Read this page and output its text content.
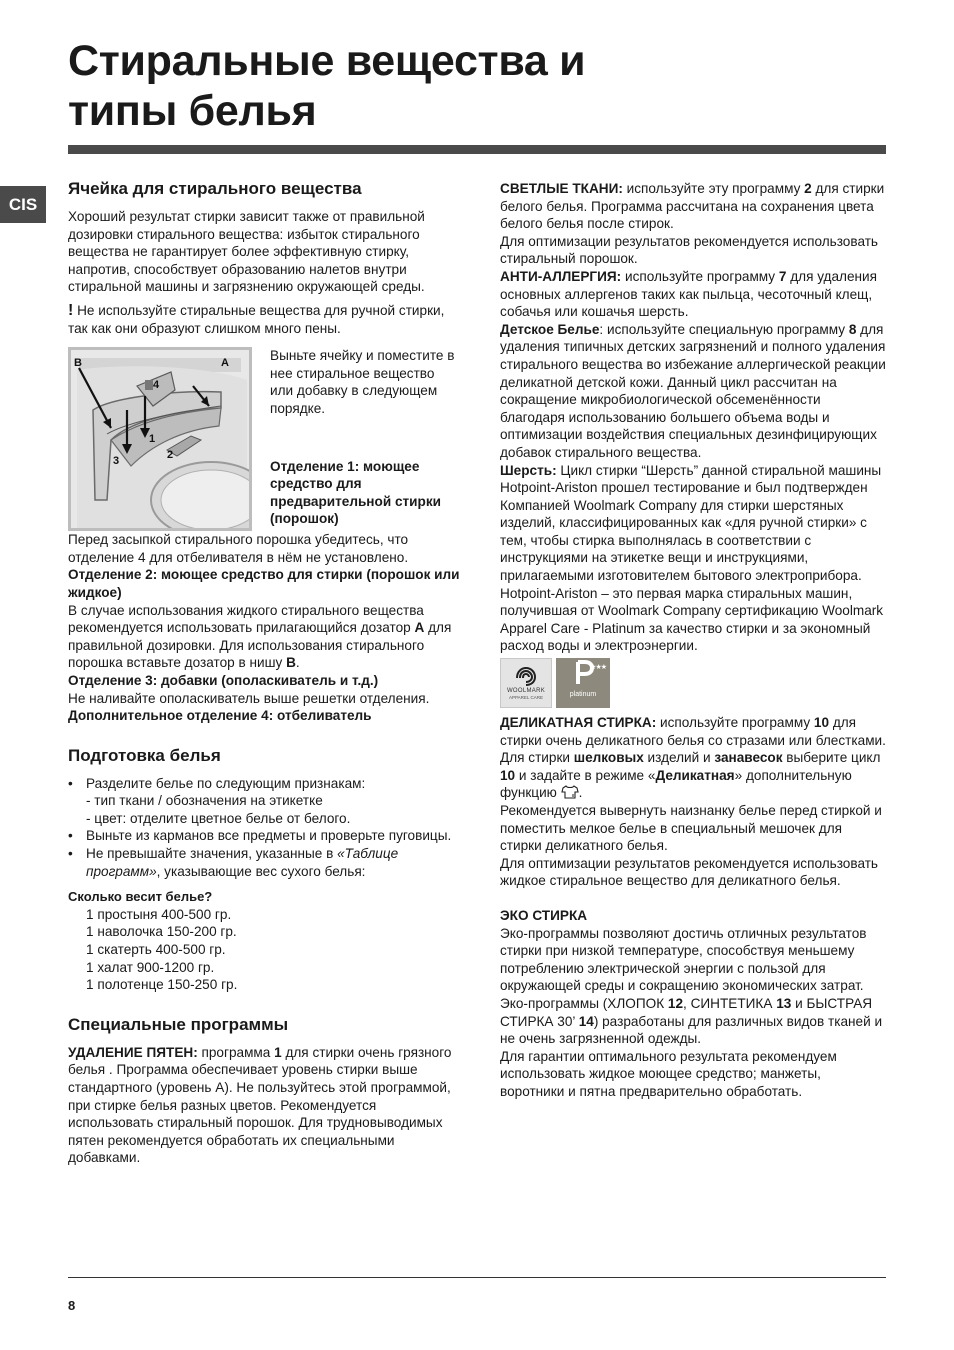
Стиральные вещества и
типы белья
CIS
Ячейка для стирального вещества

Хороший результат стирки зависит также от правильной дозировки стирального вещества: избыток стирального вещества не гарантирует более эффективную стирку, напротив, способствует образованию налетов внутри стиральной машины и загрязнению окружающей среды.

! Не используйте стиральные вещества для ручной стирки, так как они образуют слишком много пены.

B	A
4
1
2
3

Выньте ячейку и поместите в нее стиральное вещество или добавку в следующем порядке.

Отделение 1: моющее средство для предварительной стирки (порошок)

Перед засыпкой стирального порошка убедитесь, что отделение 4 для отбеливателя в нём не установлено.

Отделение 2: моющее средство для стирки (порошок или жидкое)

В случае использования жидкого стирального вещества рекомендуется использовать прилагающийся дозатор A для правильной дозировки. Для использования стирального порошка вставьте дозатор в нишу B.

Отделение 3: добавки (ополаскиватель и т.д.)

Не наливайте ополаскиватель выше решетки отделения.

Дополнительное отделение 4: отбеливатель

Подготовка белья
• Разделите белье по следующим признакам:
- тип ткани / обозначения на этикетке
- цвет: отделите цветное белье от белого.
• Выньте из карманов все предметы и проверьте пуговицы.
• Не превышайте значения, указанные в «Таблице программ», указывающие вес сухого белья:

Сколько весит белье?

1 простыня 400-500 гр.
1 наволочка 150-200 гр.
1 скатерть 400-500 гр.
1 халат 900-1200 гр.
1 полотенце 150-250 гр.
Специальные программы

УДАЛЕНИЕ ПЯТЕН: программа 1 для стирки очень грязного белья . Программа обеспечивает уровень стирки выше стандартного (уровень А). Не пользуйтесь этой программой, при стирке белья разных цветов. Рекомендуется использовать стиральный порошок. Для трудновыводимых пятен рекомендуется обработать их специальными добавками.

СВЕТЛЫЕ ТКАНИ: используйте эту программу 2 для стирки белого белья. Программа рассчитана на сохранения цвета белого белья после стирок.

Для оптимизации результатов рекомендуется использовать стиральный порошок.

АНТИ-АЛЛЕРГИЯ: используйте программу 7 для удаления основных аллергенов таких как пыльца, чесоточный клещ, собачья или кошачья шерсть.

Детское Белье: используйте специальную программу 8 для удаления типичных детских загрязнений и полного удаления стирального вещества во избежание аллергической реакции деликатной детской кожи. Данный цикл рассчитан на сокращение микробиологической обсеменённости благодаря использованию большего объема воды и оптимизации воздействия специальных дезинфицирующих добавок стирального вещества.

Шерсть: Цикл стирки “Шерсть” данной стиральной машины Hotpoint-Ariston прошел тестирование и был подтвержден Компанией Woolmark Company для стирки шерстяных изделий, классифицированных как «для ручной стирки» с тем, чтобы стирка выполнялась в соответствии с инструкциями на этикетке вещи и инструкциями, прилагаемыми изготовителем бытового электроприбора. Hotpoint-Ariston – это первая марка стиральных машин, получившая от Woolmark Company сертификацию Woolmark Apparel Care - Platinum за качество стирки и за экономный расход воды и электроэнергии.

WOOLMARK
APPAREL CARE
★★★
platinum

ДЕЛИКАТНАЯ СТИРКА: используйте программу 10 для стирки очень деликатного белья со стразами или блестками.

Для стирки шелковых изделий и занавесок выберите цикл 10 и задайте в режиме «Деликатная» дополнительную функцию .

Рекомендуется вывернуть наизнанку белье перед стиркой и поместить мелкое белье в специальный мешочек для стирки деликатного белья.

Для оптимизации результатов рекомендуется использовать жидкое стиральное вещество для деликатного белья.

ЭКО СТИРКА

Эко-программы позволяют достичь отличных результатов стирки при низкой температуре, способствуя меньшему потреблению электрической энергии с пользой для окружающей среды и сокращению экономических затрат.

Эко-программы (ХЛОПОК 12, СИНТЕТИКА 13 и БЫСТРАЯ СТИРКА 30’ 14) разработаны для различных видов тканей и не очень загрязненной одежды.

Для гарантии оптимального результата рекомендуем использовать жидкое моющее средство; манжеты, воротники и пятна предварительно обработать.

8
